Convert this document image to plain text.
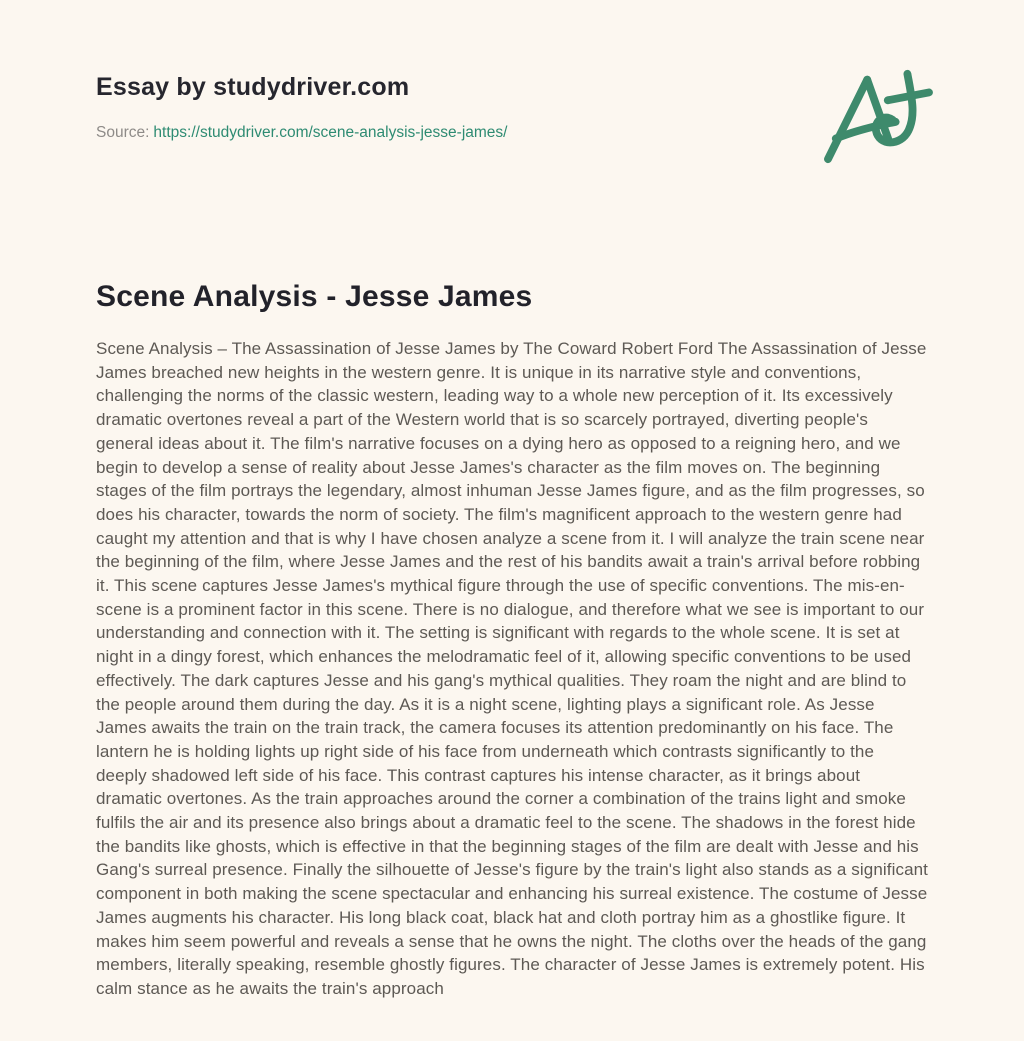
Essay by studydriver.com
Source: https://studydriver.com/scene-analysis-jesse-james/
Scene Analysis - Jesse James

Scene Analysis – The Assassination of Jesse James by The Coward Robert Ford The Assassination of Jesse James breached new heights in the western genre. It is unique in its narrative style and conventions, challenging the norms of the classic western, leading way to a whole new perception of it. Its excessively dramatic overtones reveal a part of the Western world that is so scarcely portrayed, diverting people's general ideas about it. The film's narrative focuses on a dying hero as opposed to a reigning hero, and we begin to develop a sense of reality about Jesse James's character as the film moves on. The beginning stages of the film portrays the legendary, almost inhuman Jesse James figure, and as the film progresses, so does his character, towards the norm of society. The film's magnificent approach to the western genre had caught my attention and that is why I have chosen analyze a scene from it. I will analyze the train scene near the beginning of the film, where Jesse James and the rest of his bandits await a train's arrival before robbing it. This scene captures Jesse James's mythical figure through the use of specific conventions. The mis-en-scene is a prominent factor in this scene. There is no dialogue, and therefore what we see is important to our understanding and connection with it. The setting is significant with regards to the whole scene. It is set at night in a dingy forest, which enhances the melodramatic feel of it, allowing specific conventions to be used effectively. The dark captures Jesse and his gang's mythical qualities. They roam the night and are blind to the people around them during the day. As it is a night scene, lighting plays a significant role. As Jesse James awaits the train on the train track, the camera focuses its attention predominantly on his face. The lantern he is holding lights up right side of his face from underneath which contrasts significantly to the deeply shadowed left side of his face. This contrast captures his intense character, as it brings about dramatic overtones. As the train approaches around the corner a combination of the trains light and smoke fulfils the air and its presence also brings about a dramatic feel to the scene. The shadows in the forest hide the bandits like ghosts, which is effective in that the beginning stages of the film are dealt with Jesse and his Gang's surreal presence. Finally the silhouette of Jesse's figure by the train's light also stands as a significant component in both making the scene spectacular and enhancing his surreal existence. The costume of Jesse James augments his character. His long black coat, black hat and cloth portray him as a ghostlike figure. It makes him seem powerful and reveals a sense that he owns the night. The cloths over the heads of the gang members, literally speaking, resemble ghostly figures. The character of Jesse James is extremely potent. His calm stance as he awaits the train's approach
